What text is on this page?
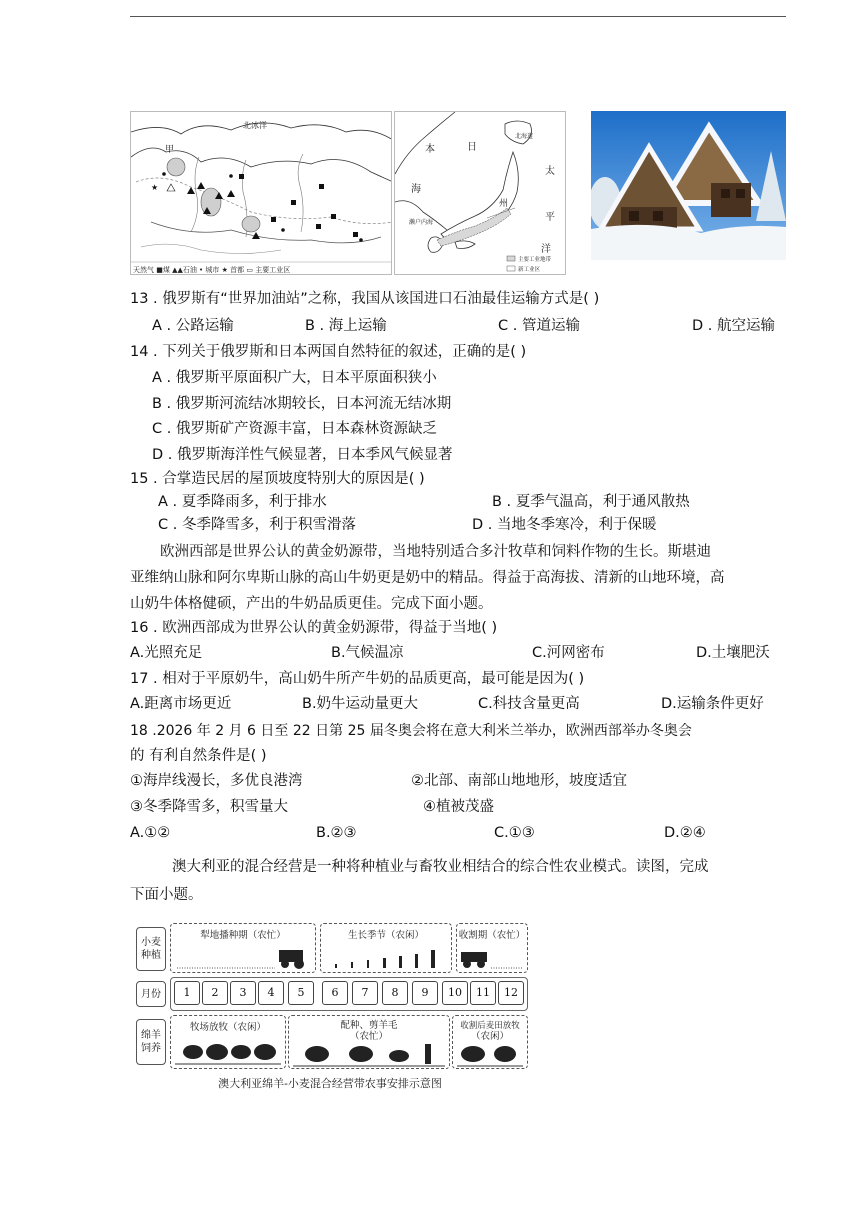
★
北冰洋
甲
天然气 ■煤 ▲▲石油 • 城市 ★ 首都 ▭ 主要工业区
本	日
太
海
平
洋
北海道
濑户内海
州
主要工业地带
新工业区
13 . 俄罗斯有“世界加油站”之称，我国从该国进口石油最佳运输方式是( )
A . 公路运输	B . 海上运输	C . 管道运输	D . 航空运输
14 . 下列关于俄罗斯和日本两国自然特征的叙述，正确的是( )
A . 俄罗斯平原面积广大，日本平原面积狭小
B . 俄罗斯河流结冰期较长，日本河流无结冰期
C . 俄罗斯矿产资源丰富，日本森林资源缺乏
D . 俄罗斯海洋性气候显著，日本季风气候显著
15 . 合掌造民居的屋顶坡度特别大的原因是( )
A . 夏季降雨多，利于排水	B . 夏季气温高，利于通风散热
C . 冬季降雪多，利于积雪滑落	D . 当地冬季寒冷，利于保暖
欧洲西部是世界公认的黄金奶源带，当地特别适合多汁牧草和饲料作物的生长。斯堪迪
亚维纳山脉和阿尔卑斯山脉的高山牛奶更是奶中的精品。得益于高海拔、清新的山地环境，高
山奶牛体格健硕，产出的牛奶品质更佳。完成下面小题。
16 . 欧洲西部成为世界公认的黄金奶源带，得益于当地( )
A.光照充足	B.气候温凉	C.河网密布	D.土壤肥沃
17 . 相对于平原奶牛，高山奶牛所产牛奶的品质更高，最可能是因为( )
A.距离市场更近	B.奶牛运动量更大	C.科技含量更高	D.运输条件更好
18 .2026 年 2 月 6 日至 22 日第 25 届冬奥会将在意大利米兰举办，欧洲西部举办冬奥会
的 有利自然条件是( )
①海岸线漫长，多优良港湾	②北部、南部山地地形，坡度适宜
③冬季降雪多，积雪量大	④植被茂盛
A.①②	B.②③	C.①③	D.②④
澳大利亚的混合经营是一种将种植业与畜牧业相结合的综合性农业模式。读图，完成
下面小题。
小麦
种植
犁地播种期（农忙）	生长季节（农闲）	收割期（农忙）
月份	1	2	3	4	5	6	7	8	9	10	11	12
绵羊
饲养
牧场放牧（农闲）	配种、剪羊毛
（农忙）
收割后麦田放牧
（农闲）
澳大利亚绵羊-小麦混合经营带农事安排示意图
